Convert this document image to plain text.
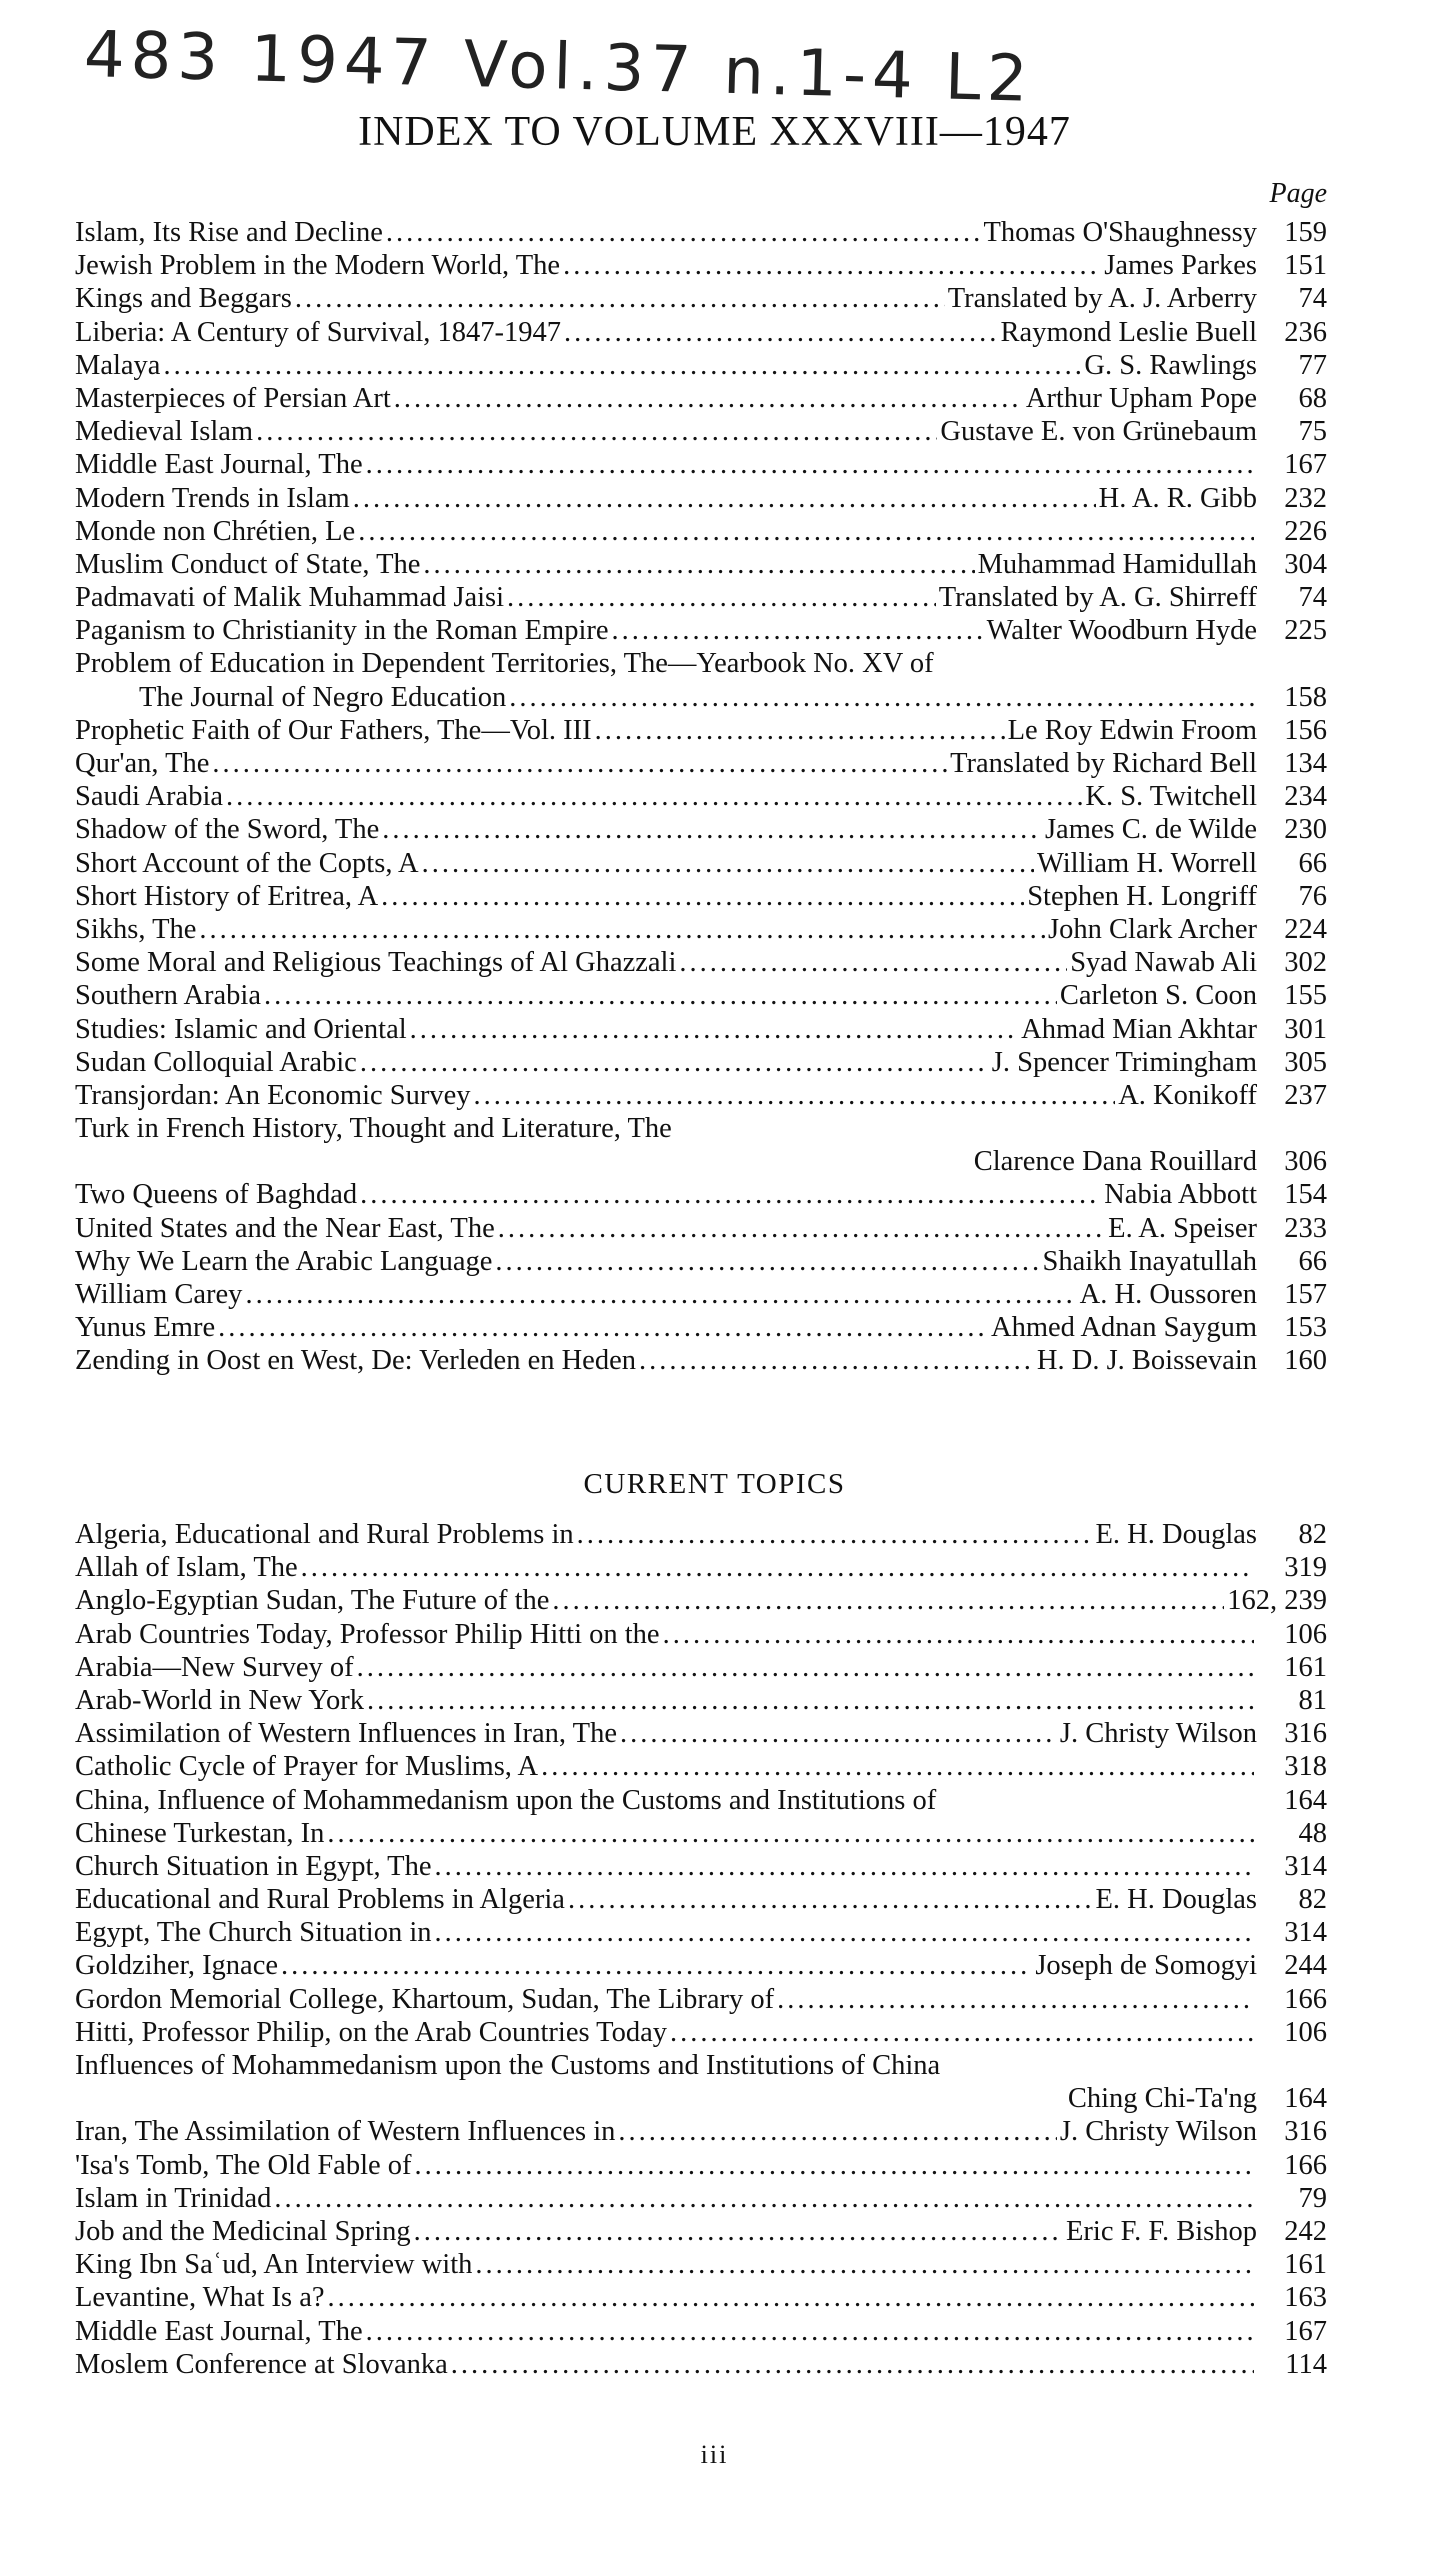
483 1947 Vol.37 n.1-4 L2
INDEX TO VOLUME XXXVIII—1947
Page
Islam, Its Rise and Decline .....	Thomas O'Shaughnessy 159
Jewish Problem in the Modern World, The .....	James Parkes 151
Kings and Beggars .....	Translated by A. J. Arberry	74
Liberia: A Century of Survival, 1847-1947 .....	Raymond Leslie Buell 236
Malaya .....	G. S. Rawlings	77
Masterpieces of Persian Art .....	Arthur Upham Pope	68
Medieval Islam .....	Gustave E. von Grünebaum	75
Middle East Journal, The .....	167
Modern Trends in Islam .....	H. A. R. Gibb 232
Monde non Chrétien, Le .....	226
Muslim Conduct of State, The .....	Muhammad Hamidullah 304
Padmavati of Malik Muhammad Jaisi .....	Translated by A. G. Shirreff	74
Paganism to Christianity in the Roman Empire .....	Walter Woodburn Hyde 225
Problem of Education in Dependent Territories, The—Yearbook No. XV of
The Journal of Negro Education .....	158
Prophetic Faith of Our Fathers, The—Vol. III .....	Le Roy Edwin Froom 156
Qur'an, The .....	Translated by Richard Bell 134
Saudi Arabia .....	K. S. Twitchell 234
Shadow of the Sword, The .....	James C. de Wilde 230
Short Account of the Copts, A .....	William H. Worrell	66
Short History of Eritrea, A .....	Stephen H. Longriff	76
Sikhs, The .....	John Clark Archer 224
Some Moral and Religious Teachings of Al Ghazzali .....	Syad Nawab Ali 302
Southern Arabia .....	Carleton S. Coon 155
Studies: Islamic and Oriental .....	Ahmad Mian Akhtar 301
Sudan Colloquial Arabic .....	J. Spencer Trimingham 305
Transjordan: An Economic Survey .....	A. Konikoff 237
Turk in French History, Thought and Literature, The
Clarence Dana Rouillard 306
Two Queens of Baghdad .....	Nabia Abbott 154
United States and the Near East, The .....	E. A. Speiser 233
Why We Learn the Arabic Language .....	Shaikh Inayatullah	66
William Carey .....	A. H. Oussoren 157
Yunus Emre .....	Ahmed Adnan Saygum 153
Zending in Oost en West, De: Verleden en Heden .....	H. D. J. Boissevain 160
CURRENT TOPICS
Algeria, Educational and Rural Problems in .....	E. H. Douglas	82
Allah of Islam, The .....	319
Anglo-Egyptian Sudan, The Future of the .....	162, 239
Arab Countries Today, Professor Philip Hitti on the .....	106
Arabia—New Survey of .....	161
Arab-World in New York .....	81
Assimilation of Western Influences in Iran, The .....	J. Christy Wilson 316
Catholic Cycle of Prayer for Muslims, A .....	318
China, Influence of Mohammedanism upon the Customs and Institutions of	164
Chinese Turkestan, In .....	48
Church Situation in Egypt, The .....	314
Educational and Rural Problems in Algeria .....	E. H. Douglas	82
Egypt, The Church Situation in .....	314
Goldziher, Ignace .....	Joseph de Somogyi 244
Gordon Memorial College, Khartoum, Sudan, The Library of .....	166
Hitti, Professor Philip, on the Arab Countries Today .....	106
Influences of Mohammedanism upon the Customs and Institutions of China
Ching Chi-Ta'ng 164
Iran, The Assimilation of Western Influences in .....	J. Christy Wilson 316
'Isa's Tomb, The Old Fable of .....	166
Islam in Trinidad .....	79
Job and the Medicinal Spring .....	Eric F. F. Bishop 242
King Ibn Saʿud, An Interview with .....	161
Levantine, What Is a? .....	163
Middle East Journal, The .....	167
Moslem Conference at Slovanka .....	114
iii
